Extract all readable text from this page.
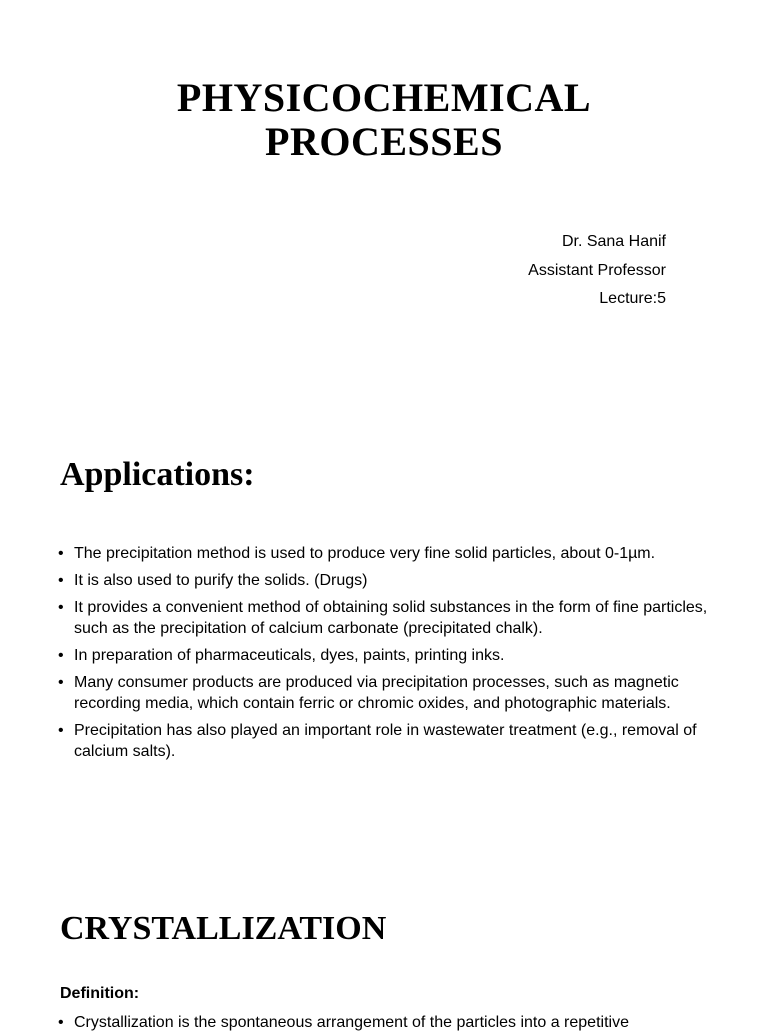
PHYSICOCHEMICAL
PROCESSES
Dr. Sana Hanif
Assistant Professor
Lecture:5
Applications:
• The precipitation method is used to produce very fine solid particles, about 0-1µm.
• It is also used to purify the solids. (Drugs)
• It provides a convenient method of obtaining solid substances in the form of fine particles, such as the precipitation of calcium carbonate (precipitated chalk).
• In preparation of pharmaceuticals, dyes, paints, printing inks.
• Many consumer products are produced via precipitation processes, such as magnetic recording media, which contain ferric or chromic oxides, and photographic materials.
• Precipitation has also played an important role in wastewater treatment (e.g., removal of calcium salts).
CRYSTALLIZATION
Definition:
• Crystallization is the spontaneous arrangement of the particles into a repetitive
